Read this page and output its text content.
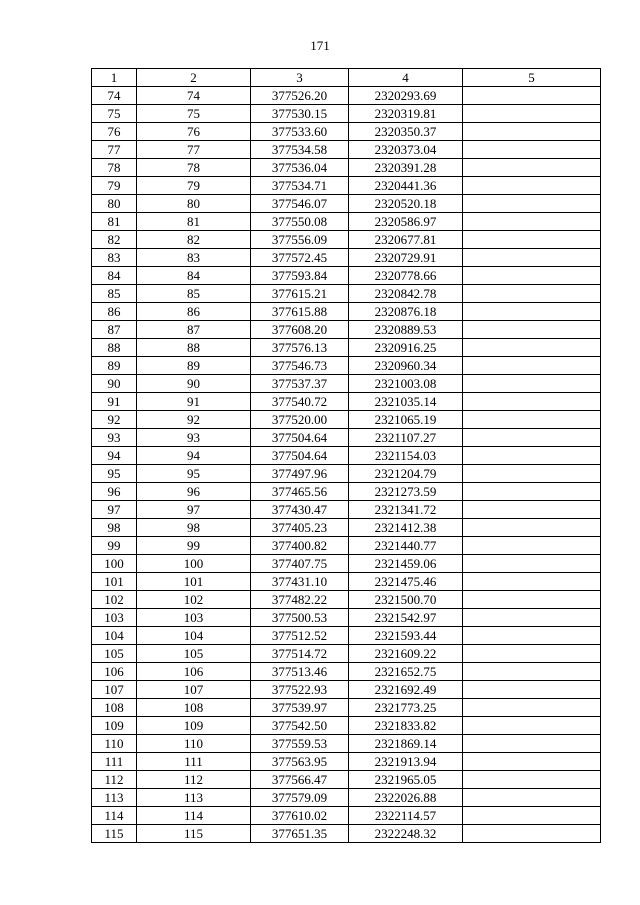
171
1	2	3	4	5
74	74	377526.20	2320293.69	
75	75	377530.15	2320319.81	
76	76	377533.60	2320350.37	
77	77	377534.58	2320373.04	
78	78	377536.04	2320391.28	
79	79	377534.71	2320441.36	
80	80	377546.07	2320520.18	
81	81	377550.08	2320586.97	
82	82	377556.09	2320677.81	
83	83	377572.45	2320729.91	
84	84	377593.84	2320778.66	
85	85	377615.21	2320842.78	
86	86	377615.88	2320876.18	
87	87	377608.20	2320889.53	
88	88	377576.13	2320916.25	
89	89	377546.73	2320960.34	
90	90	377537.37	2321003.08	
91	91	377540.72	2321035.14	
92	92	377520.00	2321065.19	
93	93	377504.64	2321107.27	
94	94	377504.64	2321154.03	
95	95	377497.96	2321204.79	
96	96	377465.56	2321273.59	
97	97	377430.47	2321341.72	
98	98	377405.23	2321412.38	
99	99	377400.82	2321440.77	
100	100	377407.75	2321459.06	
101	101	377431.10	2321475.46	
102	102	377482.22	2321500.70	
103	103	377500.53	2321542.97	
104	104	377512.52	2321593.44	
105	105	377514.72	2321609.22	
106	106	377513.46	2321652.75	
107	107	377522.93	2321692.49	
108	108	377539.97	2321773.25	
109	109	377542.50	2321833.82	
110	110	377559.53	2321869.14	
111	111	377563.95	2321913.94	
112	112	377566.47	2321965.05	
113	113	377579.09	2322026.88	
114	114	377610.02	2322114.57	
115	115	377651.35	2322248.32	
